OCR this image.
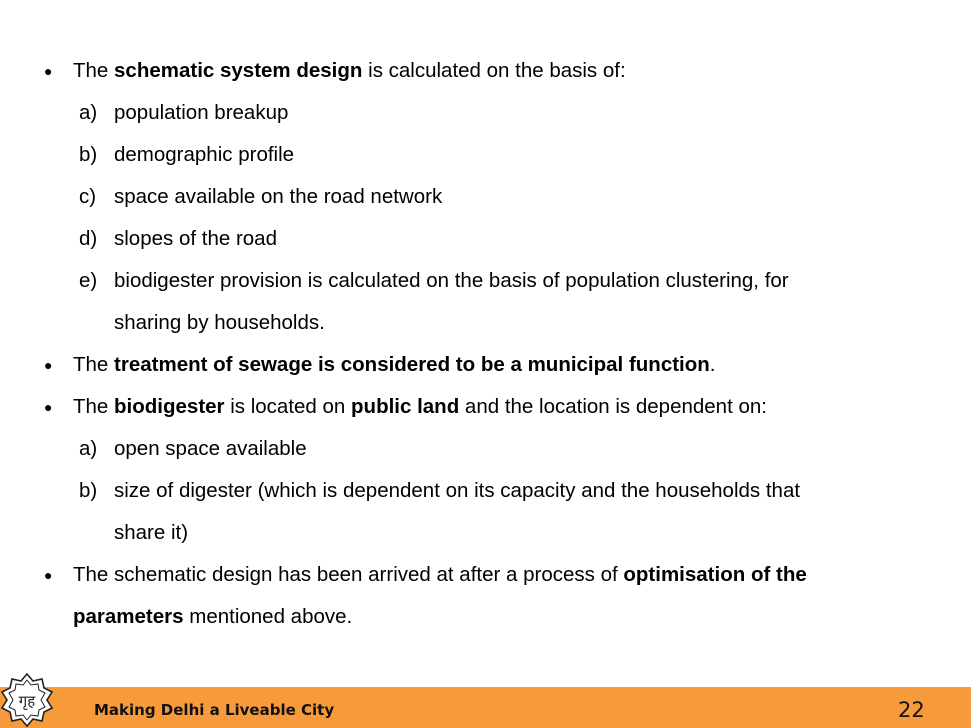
● The schematic system design is calculated on the basis of:
a) population breakup
b) demographic profile
c) space available on the road network
d) slopes of the road
e) biodigester provision is calculated on the basis of population clustering, for
sharing by households.
● The treatment of sewage is considered to be a municipal function.
● The biodigester is located on public land and the location is dependent on:
a) open space available
b) size of digester (which is dependent on its capacity and the households that
share it)
● The schematic design has been arrived at after a process of optimisation of the
parameters mentioned above.
गृह	Making Delhi a Liveable City	22
